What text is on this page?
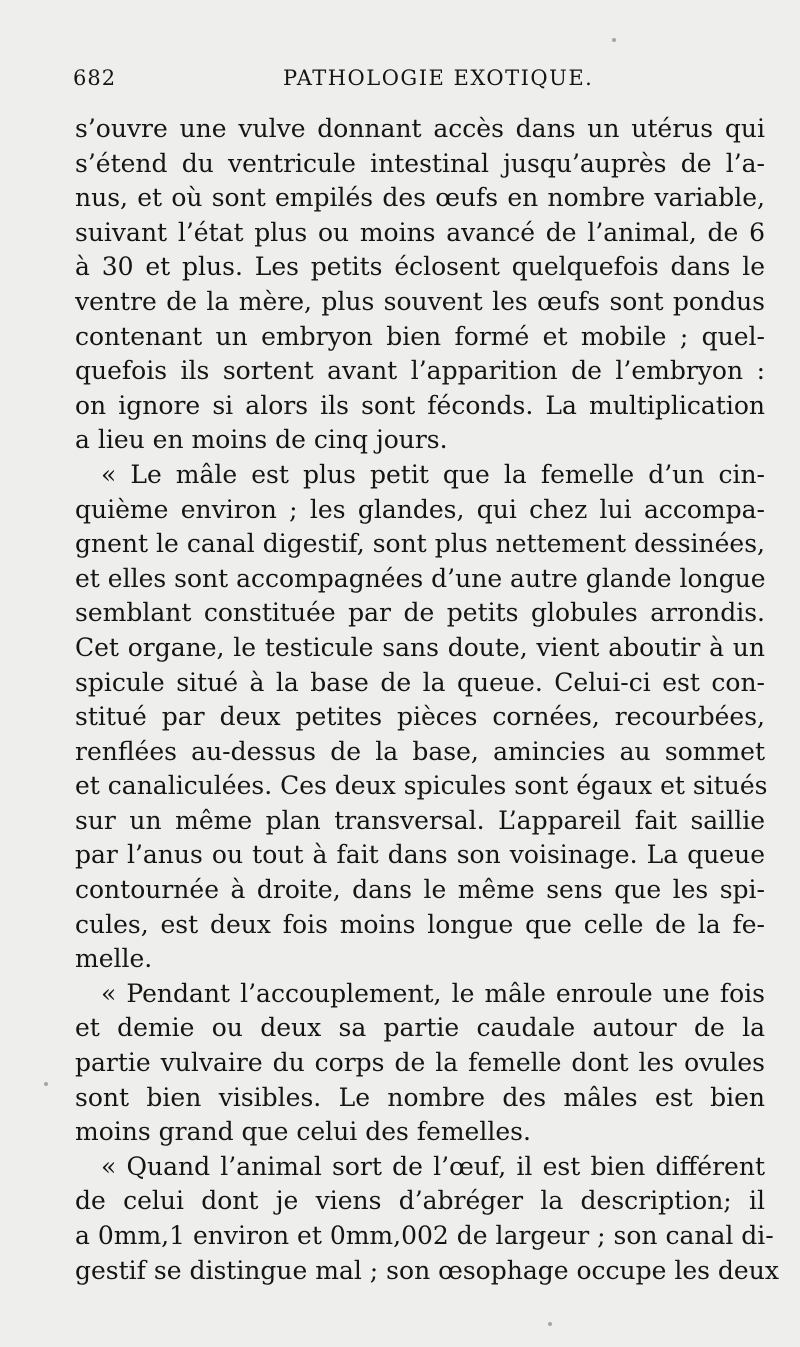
682	PATHOLOGIE EXOTIQUE.
s’ouvre une vulve donnant accès dans un utérus qui
s’étend du ventricule intestinal jusqu’auprès de l’a-
nus, et où sont empilés des œufs en nombre variable,
suivant l’état plus ou moins avancé de l’animal, de 6
à 30 et plus. Les petits éclosent quelquefois dans le
ventre de la mère, plus souvent les œufs sont pondus
contenant un embryon bien formé et mobile ; quel-
quefois ils sortent avant l’apparition de l’embryon :
on ignore si alors ils sont féconds. La multiplication
a lieu en moins de cinq jours.
« Le mâle est plus petit que la femelle d’un cin-
quième environ ; les glandes, qui chez lui accompa-
gnent le canal digestif, sont plus nettement dessinées,
et elles sont accompagnées d’une autre glande longue
semblant constituée par de petits globules arrondis.
Cet organe, le testicule sans doute, vient aboutir à un
spicule situé à la base de la queue. Celui-ci est con-
stitué par deux petites pièces cornées, recourbées,
renflées au-dessus de la base, amincies au sommet
et canaliculées. Ces deux spicules sont égaux et situés
sur un même plan transversal. L’appareil fait saillie
par l’anus ou tout à fait dans son voisinage. La queue
contournée à droite, dans le même sens que les spi-
cules, est deux fois moins longue que celle de la fe-
melle.
« Pendant l’accouplement, le mâle enroule une fois
et demie ou deux sa partie caudale autour de la
partie vulvaire du corps de la femelle dont les ovules
sont bien visibles. Le nombre des mâles est bien
moins grand que celui des femelles.
« Quand l’animal sort de l’œuf, il est bien différent
de celui dont je viens d’abréger la description; il
a 0mm,1 environ et 0mm,002 de largeur ; son canal di-
gestif se distingue mal ; son œsophage occupe les deux
